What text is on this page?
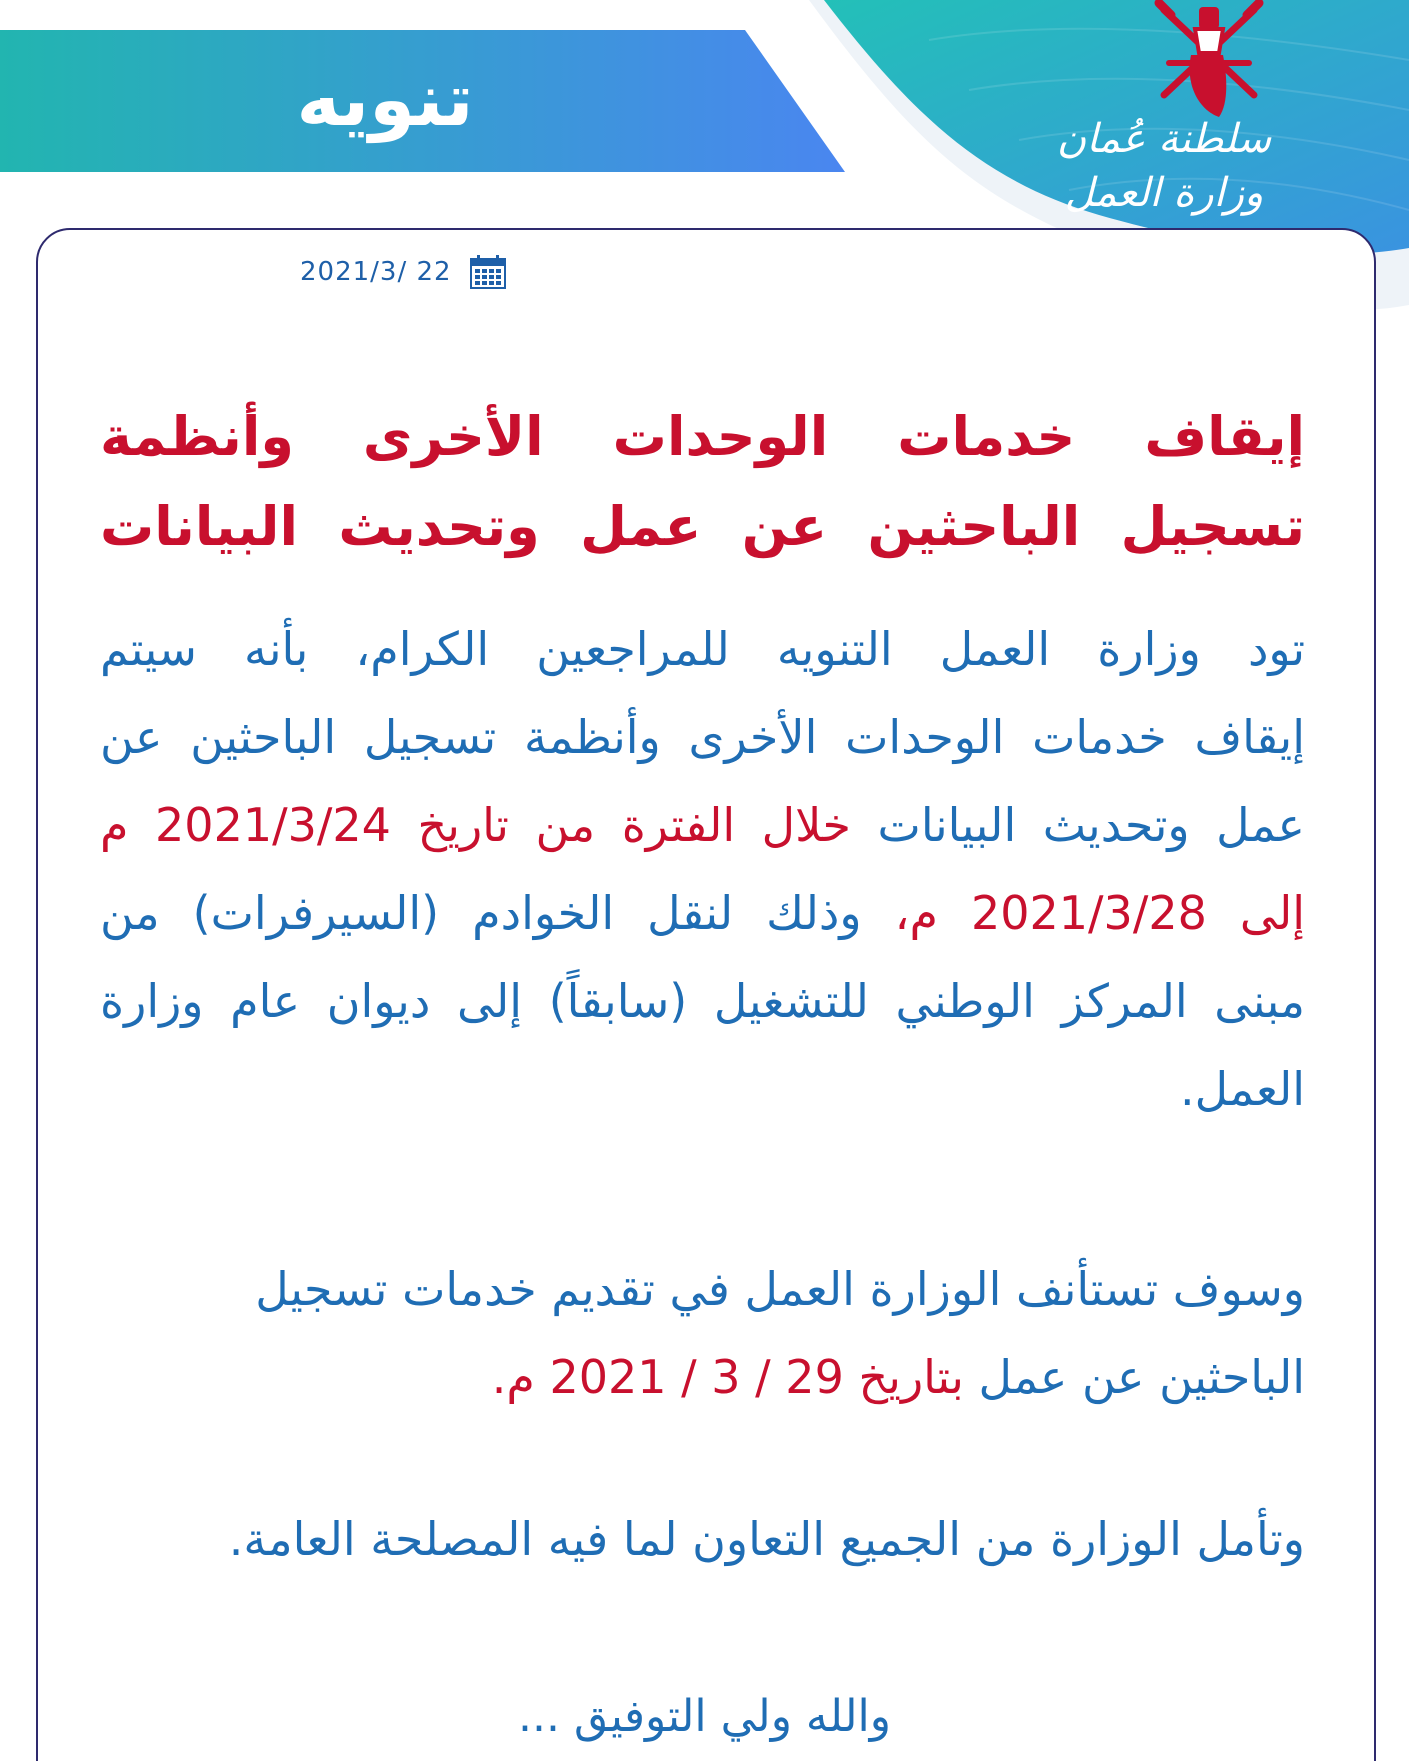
سلطنة عُمان
وزارة العمل
تنويه
2021/3/ 22
إيقاف خدمات الوحدات الأخرى وأنظمة
تسجيل الباحثين عن عمل وتحديث البيانات
تود وزارة العمل التنويه للمراجعين الكرام، بأنه سيتم
إيقاف خدمات الوحدات الأخرى وأنظمة تسجيل الباحثين عن
عمل وتحديث البيانات خلال الفترة من تاريخ 2021/3/24 م
إلى 2021/3/28 م، وذلك لنقل الخوادم (السيرفرات) من
مبنى المركز الوطني للتشغيل (سابقاً) إلى ديوان عام وزارة
العمل.
وسوف تستأنف الوزارة العمل في تقديم خدمات تسجيل
الباحثين عن عمل بتاريخ 29 / 3 / 2021 م.
وتأمل الوزارة من الجميع التعاون لما فيه المصلحة العامة.
والله ولي التوفيق ...
